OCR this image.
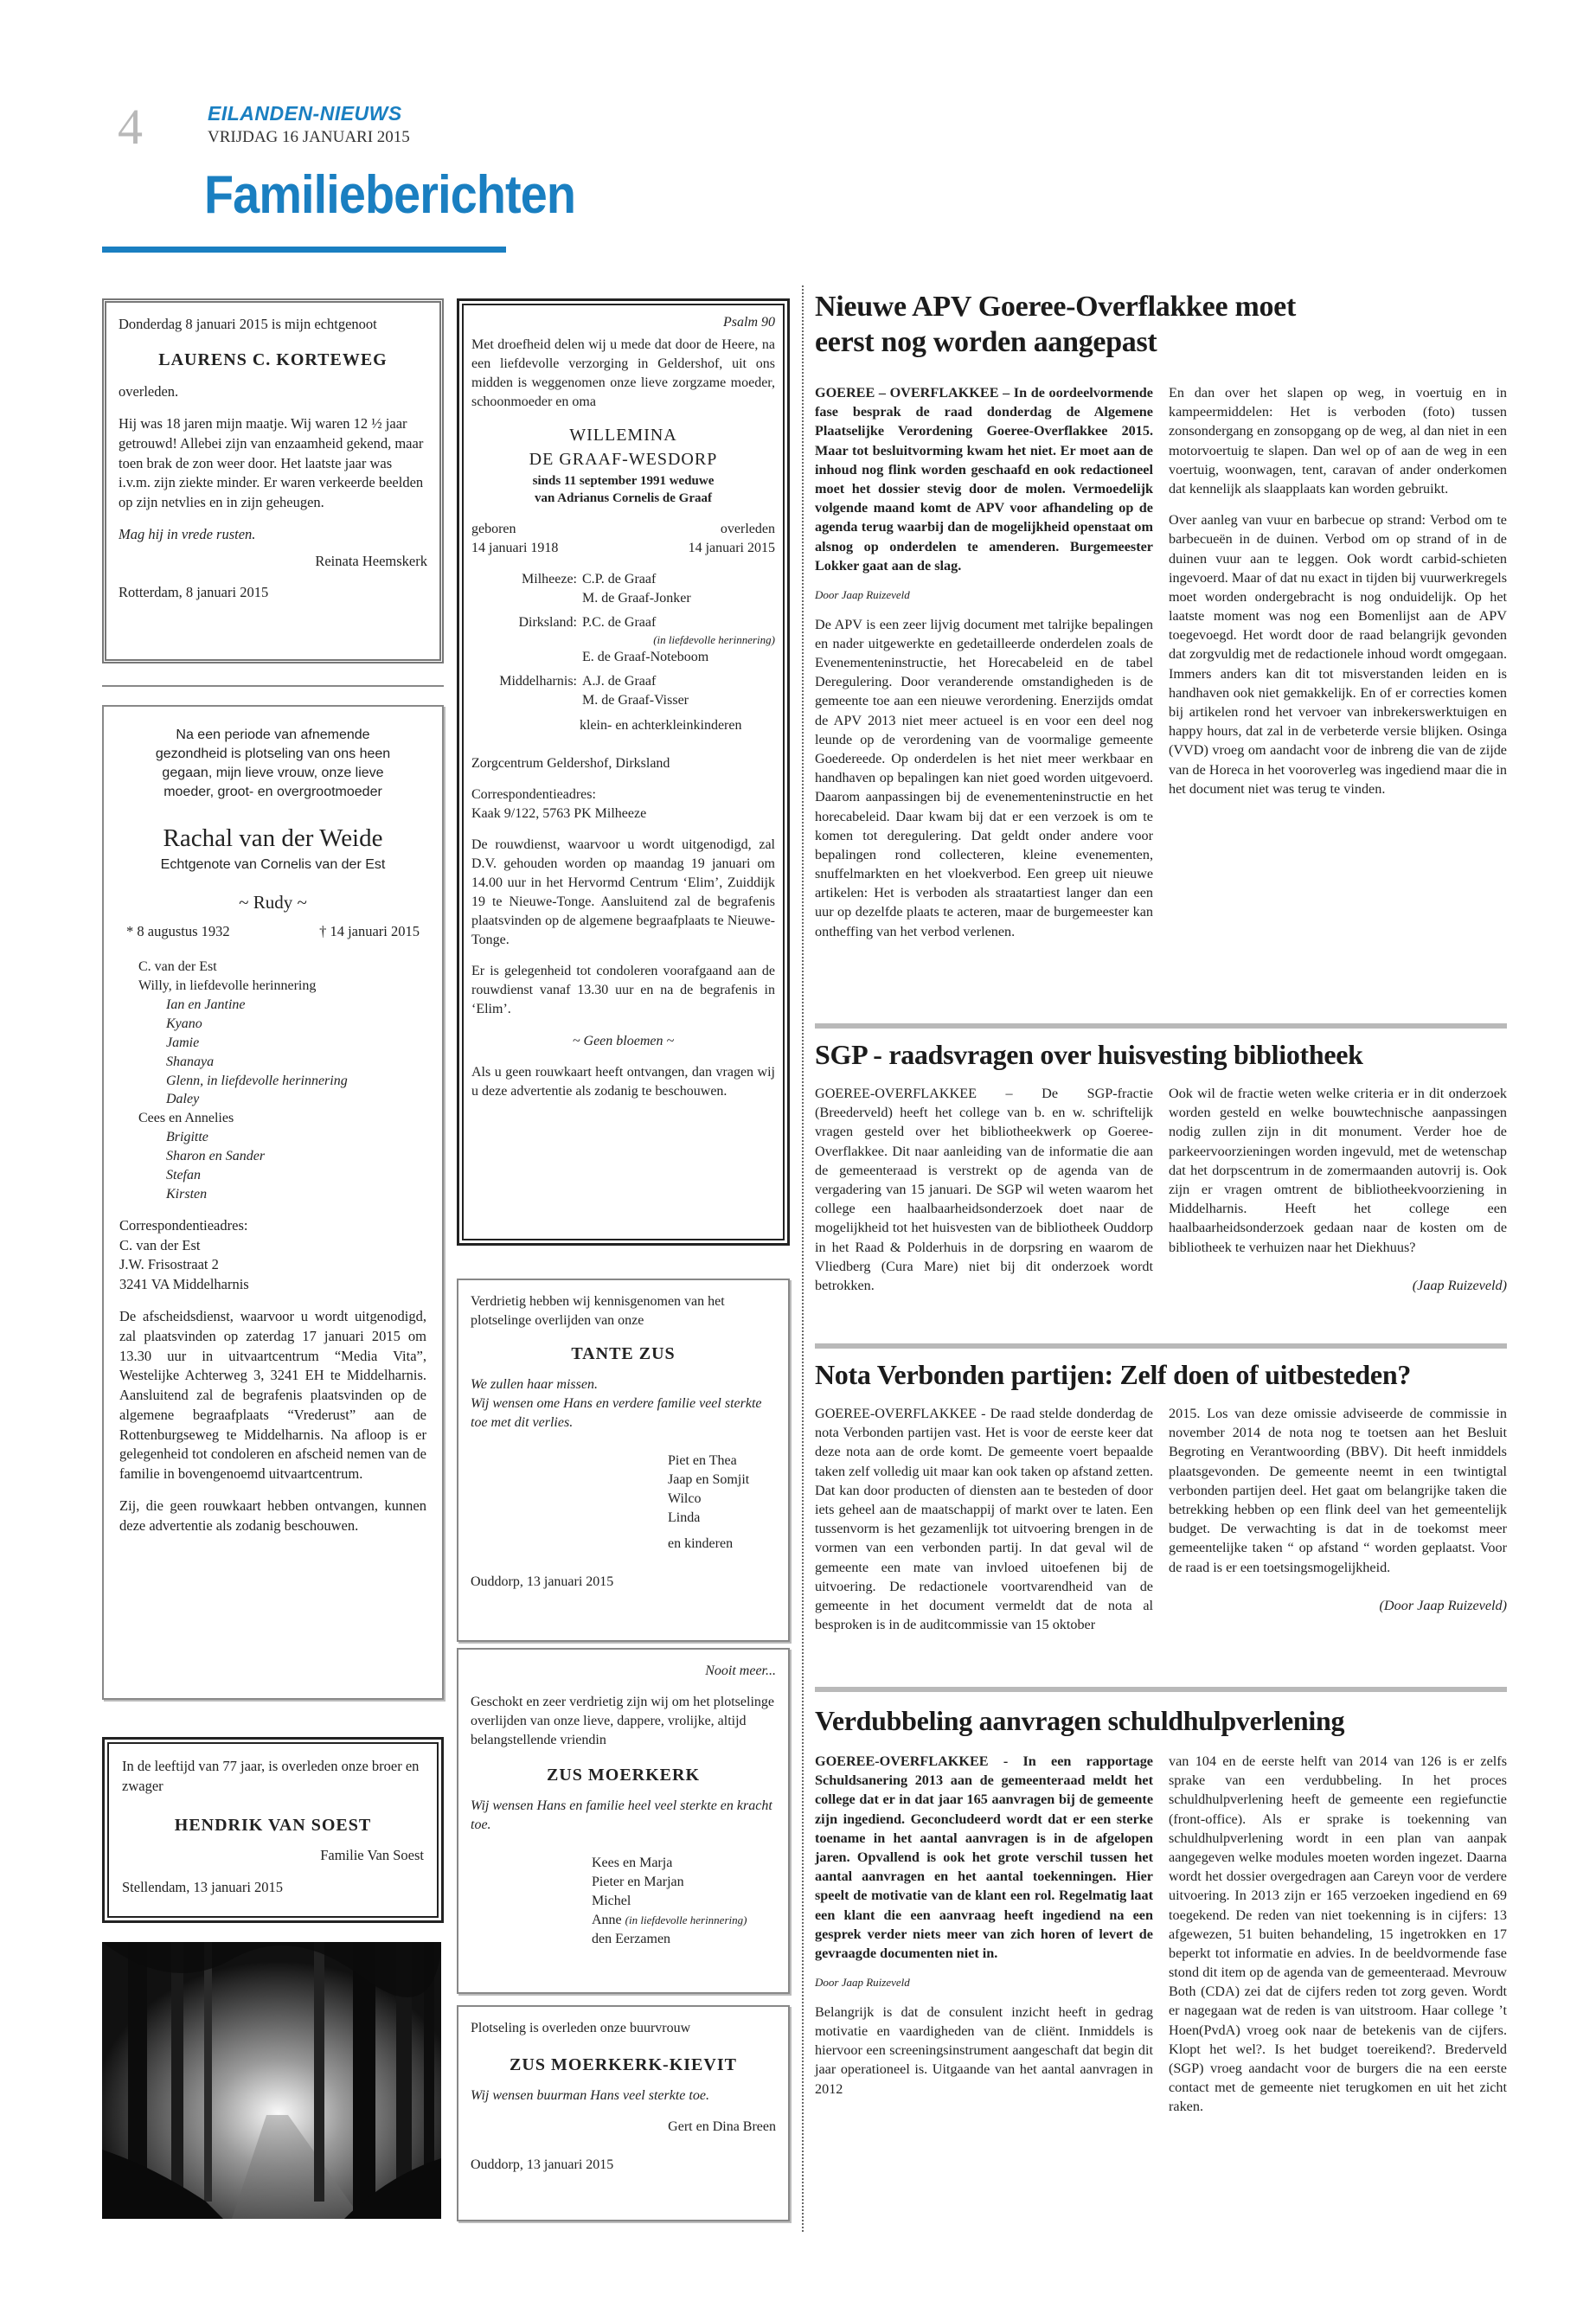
4	EILANDEN-NIEUWS
VRIJDAG 16 JANUARI 2015
Familieberichten
Donderdag 8 januari 2015 is mijn echtgenoot
LAURENS C. KORTEWEG
overleden.
Hij was 18 jaren mijn maatje. Wij waren 12 ½ jaar getrouwd! Allebei zijn van enzaamheid gekend, maar toen brak de zon weer door. Het laatste jaar was i.v.m. zijn ziekte minder. Er waren verkeerde beelden op zijn netvlies en in zijn geheugen.
Mag hij in vrede rusten.
Reinata Heemskerk
Rotterdam, 8 januari 2015
Na een periode van afnemende gezondheid is plotseling van ons heen gegaan, mijn lieve vrouw, onze lieve moeder, groot- en overgrootmoeder
Rachal van der Weide
Echtgenote van Cornelis van der Est
~ Rudy ~
* 8 augustus 1932	† 14 januari 2015
C. van der Est
Willy, in liefdevolle herinnering
Ian en Jantine
Kyano
Jamie
Shanaya
Glenn, in liefdevolle herinnering
Daley
Cees en Annelies
Brigitte
Sharon en Sander
Stefan
Kirsten
Correspondentieadres:
C. van der Est
J.W. Frisostraat 2
3241 VA Middelharnis
De afscheidsdienst, waarvoor u wordt uitgenodigd, zal plaatsvinden op zaterdag 17 januari 2015 om 13.30 uur in uitvaartcentrum “Media Vita”, Westelijke Achterweg 3, 3241 EH te Middelharnis. Aansluitend zal de begrafenis plaatsvinden op de algemene begraafplaats “Vrederust” aan de Rottenburgseweg te Middelharnis. Na afloop is er gelegenheid tot condoleren en afscheid nemen van de familie in bovengenoemd uitvaartcentrum.
Zij, die geen rouwkaart hebben ontvangen, kunnen deze advertentie als zodanig beschouwen.
In de leeftijd van 77 jaar, is overleden onze broer en zwager
HENDRIK VAN SOEST
Familie Van Soest
Stellendam, 13 januari 2015
Psalm 90
Met droefheid delen wij u mede dat door de Heere, na een liefdevolle verzorging in Geldershof, uit ons midden is weggenomen onze lieve zorgzame moeder, schoonmoeder en oma
WILLEMINA
DE GRAAF-WESDORP
sinds 11 september 1991 weduwe
van Adrianus Cornelis de Graaf
geboren	overleden
14 januari 1918	14 januari 2015
Milheeze: C.P. de Graaf
M. de Graaf-Jonker
Dirksland: P.C. de Graaf
(in liefdevolle herinnering)
E. de Graaf-Noteboom
Middelharnis: A.J. de Graaf
M. de Graaf-Visser
klein- en achterkleinkinderen
Zorgcentrum Geldershof, Dirksland
Correspondentieadres:
Kaak 9/122, 5763 PK Milheeze
De rouwdienst, waarvoor u wordt uitgenodigd, zal D.V. gehouden worden op maandag 19 januari om 14.00 uur in het Hervormd Centrum ‘Elim’, Zuiddijk 19 te Nieuwe-Tonge. Aansluitend zal de begrafenis plaatsvinden op de algemene begraafplaats te Nieuwe-Tonge.
Er is gelegenheid tot condoleren voorafgaand aan de rouwdienst vanaf 13.30 uur en na de begrafenis in ‘Elim’.
~ Geen bloemen ~
Als u geen rouwkaart heeft ontvangen, dan vragen wij u deze advertentie als zodanig te beschouwen.
Verdrietig hebben wij kennisgenomen van het plotselinge overlijden van onze
TANTE ZUS
We zullen haar missen.
Wij wensen ome Hans en verdere familie veel sterkte toe met dit verlies.
Piet en Thea
Jaap en Somjit
Wilco
Linda
en kinderen
Ouddorp, 13 januari 2015
Nooit meer...
Geschokt en zeer verdrietig zijn wij om het plotselinge overlijden van onze lieve, dappere, vrolijke, altijd belangstellende vriendin
ZUS MOERKERK
Wij wensen Hans en familie heel veel sterkte en kracht toe.
Kees en Marja
Pieter en Marjan
Michel
Anne (in liefdevolle herinnering)
den Eerzamen
Plotseling is overleden onze buurvrouw
ZUS MOERKERK-KIEVIT
Wij wensen buurman Hans veel sterkte toe.
Gert en Dina Breen
Ouddorp, 13 januari 2015
Nieuwe APV Goeree-Overflakkee moet eerst nog worden aangepast
GOEREE – OVERFLAKKEE – In de oordeelvormende fase besprak de raad donderdag de Algemene Plaatselijke Verordening Goeree-Overflakkee 2015. Maar tot besluitvorming kwam het niet. Er moet aan de inhoud nog flink worden geschaafd en ook redactioneel moet het dossier stevig door de molen. Vermoedelijk volgende maand komt de APV voor afhandeling op de agenda terug waarbij dan de mogelijkheid openstaat om alsnog op onderdelen te amenderen. Burgemeester Lokker gaat aan de slag.
Door Jaap Ruizeveld
De APV is een zeer lijvig document met talrijke bepalingen en nader uitgewerkte en gedetailleerde onderdelen zoals de Evenementeninstructie, het Horecabeleid en de tabel Deregulering. Door veranderende omstandigheden is de gemeente toe aan een nieuwe verordening. Enerzijds omdat de APV 2013 niet meer actueel is en voor een deel nog leunde op de verordening van de voormalige gemeente Goedereede. Op onderdelen is het niet meer werkbaar en handhaven op bepalingen kan niet goed worden uitgevoerd. Daarom aanpassingen bij de evenementeninstructie en het horecabeleid. Daar kwam bij dat er een verzoek is om te komen tot deregulering. Dat geldt onder andere voor bepalingen rond collecteren, kleine evenementen, snuffelmarkten en het vloekverbod. Een greep uit nieuwe artikelen: Het is verboden als straatartiest langer dan een uur op dezelfde plaats te acteren, maar de burgemeester kan ontheffing van het verbod verlenen.
En dan over het slapen op weg, in voertuig en in kampeermiddelen: Het is verboden (foto) tussen zonsondergang en zonsopgang op de weg, al dan niet in een motorvoertuig te slapen. Dan wel op of aan de weg in een voertuig, woonwagen, tent, caravan of ander onderkomen dat kennelijk als slaapplaats kan worden gebruikt.
Over aanleg van vuur en barbecue op strand: Verbod om te barbecueën in de duinen. Verbod om op strand of in de duinen vuur aan te leggen. Ook wordt carbid-schieten ingevoerd. Maar of dat nu exact in tijden bij vuurwerkregels moet worden ondergebracht is nog onduidelijk. Op het laatste moment was nog een Bomenlijst aan de APV toegevoegd. Het wordt door de raad belangrijk gevonden dat zorgvuldig met de redactionele inhoud wordt omgegaan. Immers anders kan dit tot misverstanden leiden en is handhaven ook niet gemakkelijk. En of er correcties komen bij artikelen rond het vervoer van inbrekerswerktuigen en happy hours, dat zal in de verbeterde versie blijken. Osinga (VVD) vroeg om aandacht voor de inbreng die van de zijde van de Horeca in het vooroverleg was ingediend maar die in het document niet was terug te vinden.
SGP - raadsvragen over huisvesting bibliotheek
GOEREE-OVERFLAKKEE – De SGP-fractie (Breederveld) heeft het college van b. en w. schriftelijk vragen gesteld over het bibliotheekwerk op Goeree-Overflakkee. Dit naar aanleiding van de informatie die aan de gemeenteraad is verstrekt op de agenda van de vergadering van 15 januari. De SGP wil weten waarom het college een haalbaarheidsonderzoek doet naar de mogelijkheid tot het huisvesten van de bibliotheek Ouddorp in het Raad & Polderhuis in de dorpsring en waarom de Vliedberg (Cura Mare) niet bij dit onderzoek wordt betrokken.
Ook wil de fractie weten welke criteria er in dit onderzoek worden gesteld en welke bouwtechnische aanpassingen nodig zullen zijn in dit monument. Verder hoe de parkeervoorzieningen worden ingevuld, met de wetenschap dat het dorpscentrum in de zomermaanden autovrij is. Ook zijn er vragen omtrent de bibliotheekvoorziening in Middelharnis. Heeft het college een haalbaarheidsonderzoek gedaan naar de kosten om de bibliotheek te verhuizen naar het Diekhuus?
(Jaap Ruizeveld)
Nota Verbonden partijen: Zelf doen of uitbesteden?
GOEREE-OVERFLAKKEE - De raad stelde donderdag de nota Verbonden partijen vast. Het is voor de eerste keer dat deze nota aan de orde komt. De gemeente voert bepaalde taken zelf volledig uit maar kan ook taken op afstand zetten. Dat kan door producten of diensten aan te besteden of door iets geheel aan de maatschappij of markt over te laten. Een tussenvorm is het gezamenlijk tot uitvoering brengen in de vormen van een verbonden partij. In dat geval wil de gemeente een mate van invloed uitoefenen bij de uitvoering. De redactionele voortvarendheid van de gemeente in het document vermeldt dat de nota al besproken is in de auditcommissie van 15 oktober
2015. Los van deze omissie adviseerde de commissie in november 2014 de nota nog te toetsen aan het Besluit Begroting en Verantwoording (BBV). Dit heeft inmiddels plaatsgevonden. De gemeente neemt in een twintigtal verbonden partijen deel. Het gaat om belangrijke taken die betrekking hebben op een flink deel van het gemeentelijk budget. De verwachting is dat in de toekomst meer gemeentelijke taken “ op afstand “ worden geplaatst. Voor de raad is er een toetsingsmogelijkheid.
(Door Jaap Ruizeveld)
Verdubbeling aanvragen schuldhulpverlening
GOEREE-OVERFLAKKEE - In een rapportage Schuldsanering 2013 aan de gemeenteraad meldt het college dat er in dat jaar 165 aanvragen bij de gemeente zijn ingediend. Geconcludeerd wordt dat er een sterke toename in het aantal aanvragen is in de afgelopen jaren. Opvallend is ook het grote verschil tussen het aantal aanvragen en het aantal toekenningen. Hier speelt de motivatie van de klant een rol. Regelmatig laat een klant die een aanvraag heeft ingediend na een gesprek verder niets meer van zich horen of levert de gevraagde documenten niet in.
Door Jaap Ruizeveld
Belangrijk is dat de consulent inzicht heeft in gedrag motivatie en vaardigheden van de cliënt. Inmiddels is hiervoor een screeningsinstrument aangeschaft dat begin dit jaar operationeel is. Uitgaande van het aantal aanvragen in 2012
van 104 en de eerste helft van 2014 van 126 is er zelfs sprake van een verdubbeling. In het proces schuldhulpverlening heeft de gemeente een regiefunctie (front-office). Als er sprake is toekenning van schuldhulpverlening wordt in een plan van aanpak aangegeven welke modules moeten worden ingezet. Daarna wordt het dossier overgedragen aan Careyn voor de verdere uitvoering. In 2013 zijn er 165 verzoeken ingediend en 69 toegekend. De reden van niet toekenning is in cijfers: 13 afgewezen, 51 buiten behandeling, 15 ingetrokken en 17 beperkt tot informatie en advies. In de beeldvormende fase stond dit item op de agenda van de gemeenteraad. Mevrouw Both (CDA) zei dat de cijfers reden tot zorg geven. Wordt er nagegaan wat de reden is van uitstroom. Haar college ’t Hoen(PvdA) vroeg ook naar de betekenis van de cijfers. Klopt het wel?. Is het budget toereikend?. Brederveld (SGP) vroeg aandacht voor de burgers die na een eerste contact met de gemeente niet terugkomen en uit het zicht raken.
